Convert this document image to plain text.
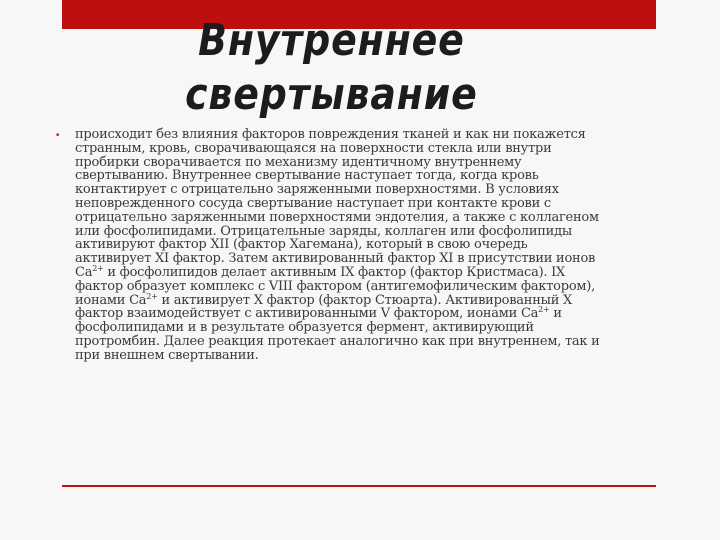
Внутреннее
свертывание
•	происходит без влияния факторов повреждения тканей и как ни покажется
странным, кровь, сворачивающаяся на поверхности стекла или внутри
пробирки сворачивается по механизму идентичному внутреннему
свертыванию. Внутреннее свертывание наступает тогда, когда кровь
контактирует с отрицательно заряженными поверхностями. В условиях
неповрежденного сосуда свертывание наступает при контакте крови с
отрицательно заряженными поверхностями эндотелия, а также с коллагеном
или фосфолипидами. Отрицательные заряды, коллаген или фосфолипиды
активируют фактор XII (фактор Хагемана), который в свою очередь
активирует XI фактор. Затем активированный фактор XI в присутствии ионов
$Ca^{2+}$ и фосфолипидов делает активным IX фактор (фактор Кристмаса). IX
фактор образует комплекс с VIII фактором (антигемофилическим фактором),
ионами $Ca^{2+}$ и активирует X фактор (фактор Стюарта). Активированный X
фактор взаимодействует с активированными V фактором, ионами $Ca^{2+}$ и
фосфолипидами и в результате образуется фермент, активирующий
протромбин. Далее реакция протекает аналогично как при внутреннем, так и
при внешнем свертывании.
